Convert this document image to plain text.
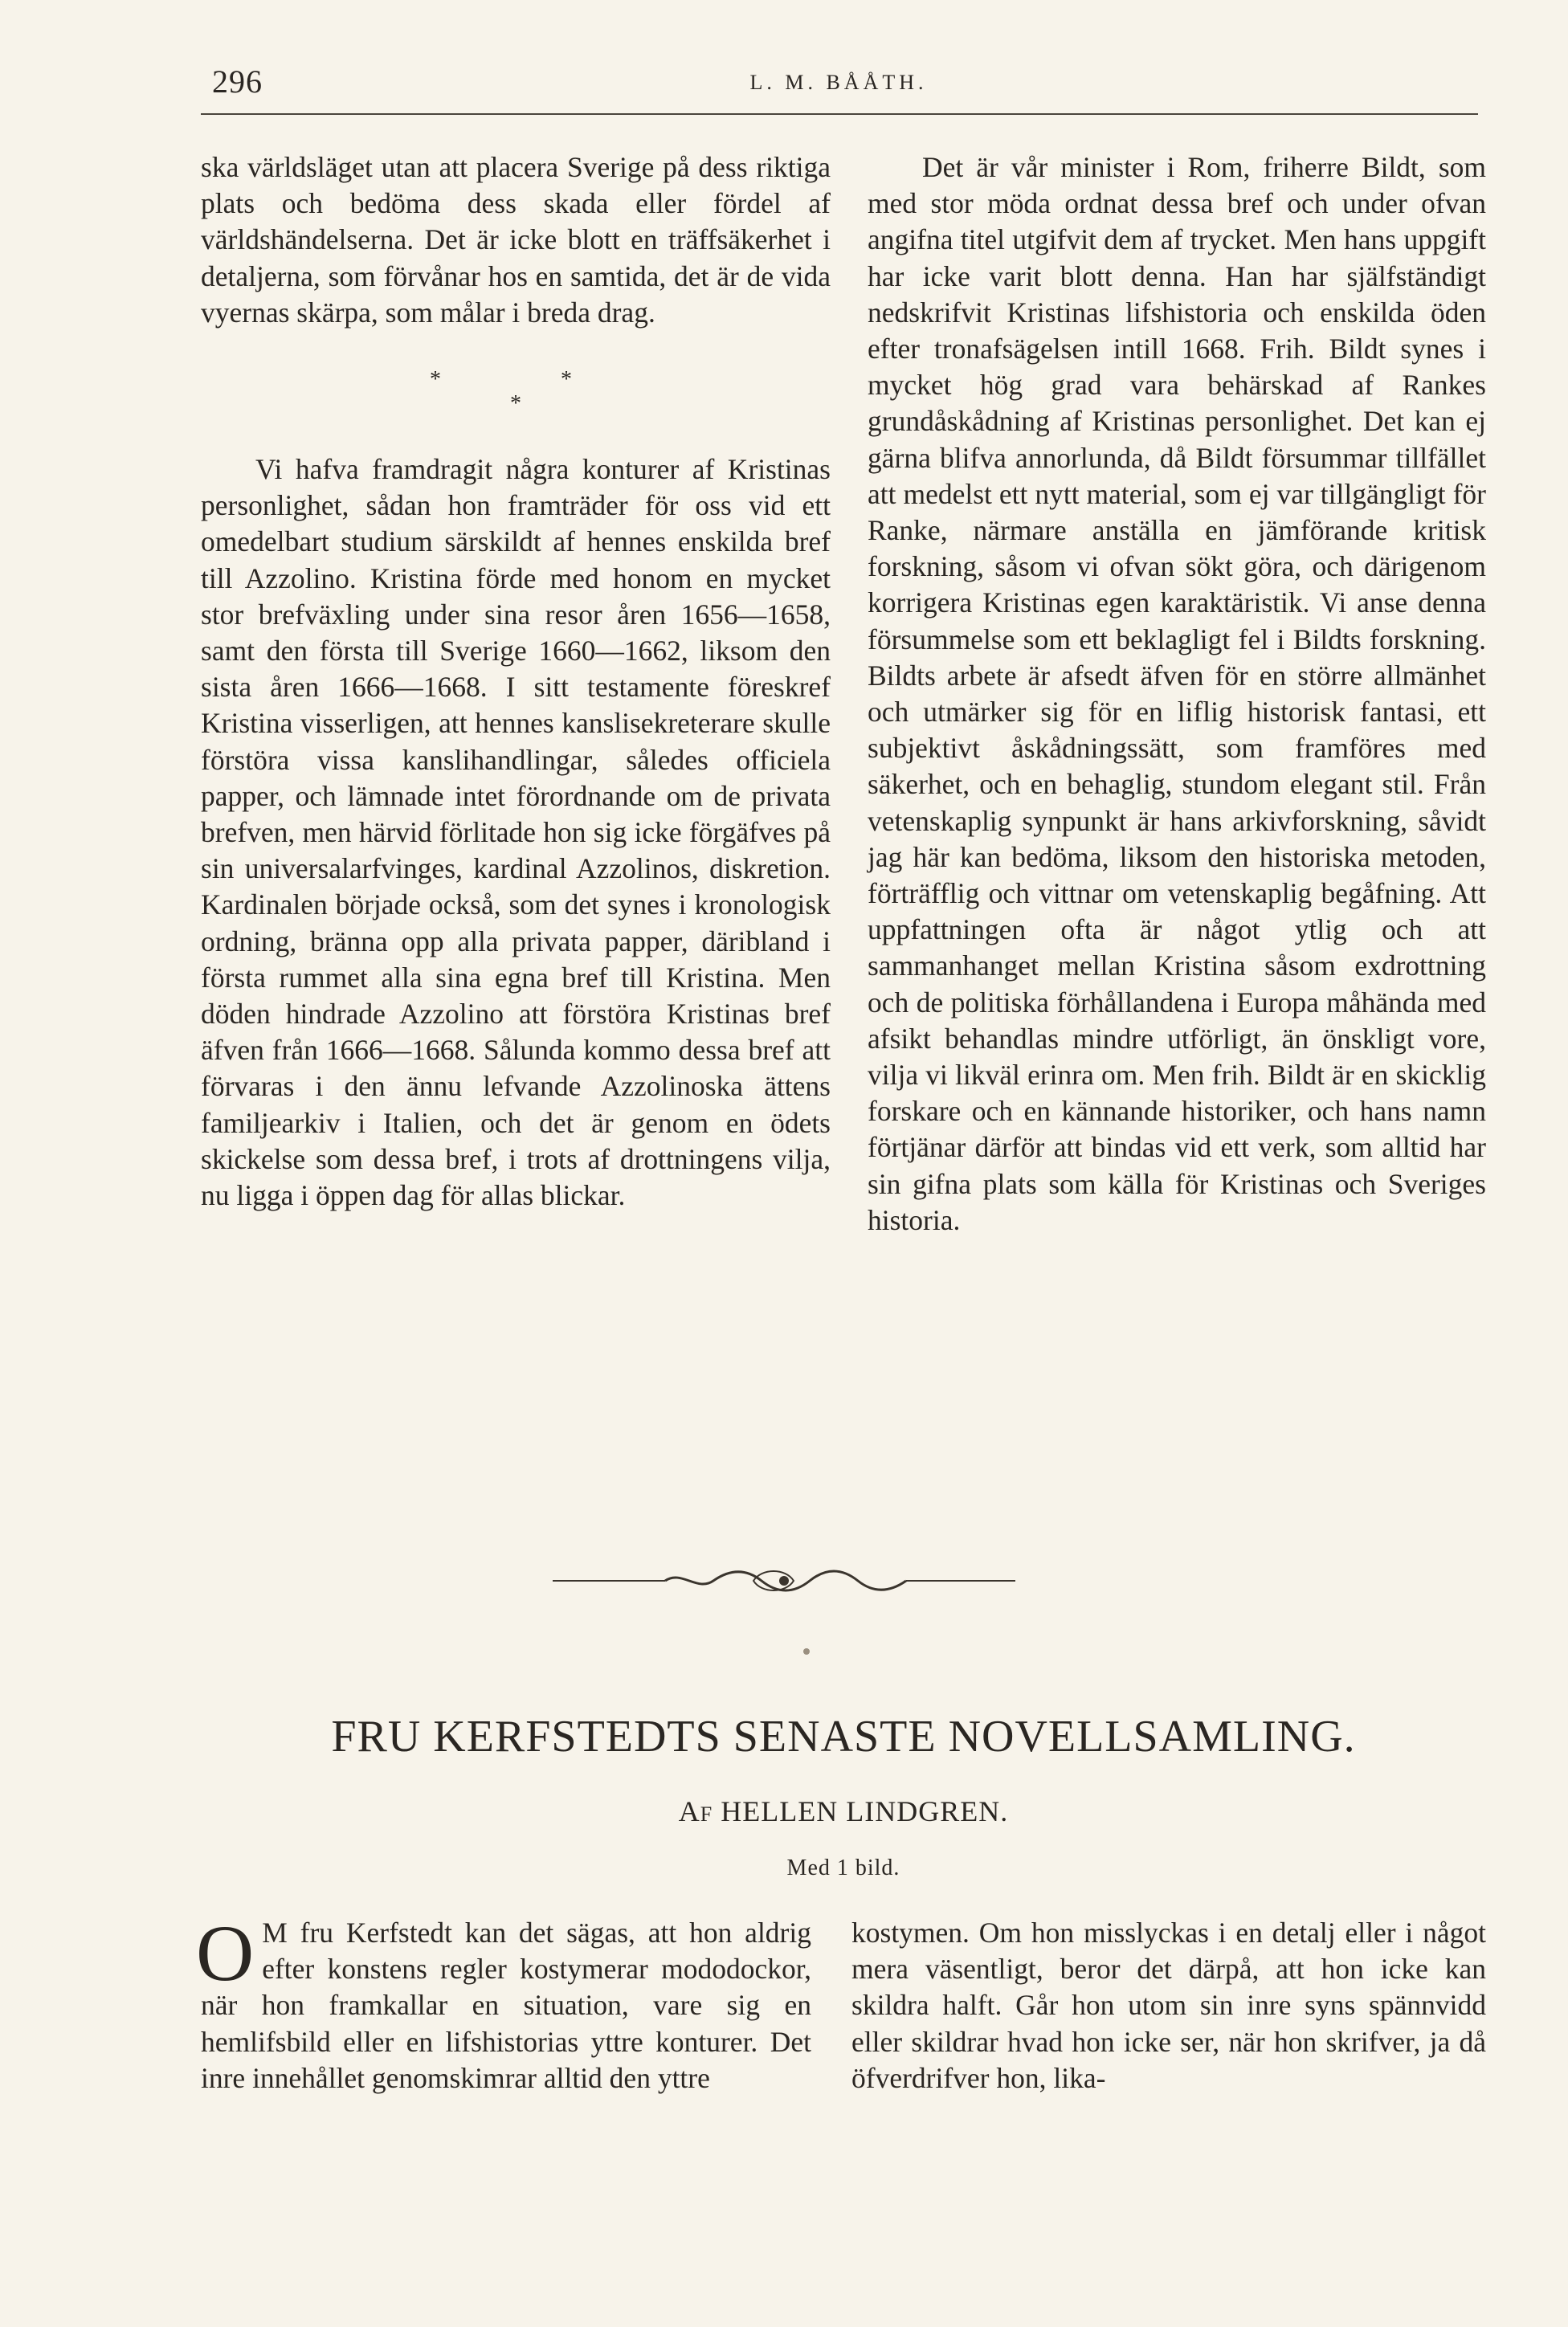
296	L. M. BÅÅTH.

ska världsläget utan att placera Sverige på dess riktiga plats och bedöma dess skada eller fördel af världshändelserna. Det är icke blott en träffsäkerhet i detaljerna, som förvånar hos en samtida, det är de vida vyernas skärpa, som målar i breda drag.

*	*
*

Vi hafva framdragit några konturer af Kristinas personlighet, sådan hon framträder för oss vid ett omedelbart studium särskildt af hennes enskilda bref till Azzolino. Kristina förde med honom en mycket stor brefväxling under sina resor åren 1656—1658, samt den första till Sverige 1660—1662, liksom den sista åren 1666—1668. I sitt testamente föreskref Kristina visserligen, att hennes kanslisekreterare skulle förstöra vissa kanslihandlingar, således officiela papper, och lämnade intet förordnande om de privata brefven, men härvid förlitade hon sig icke förgäfves på sin universalarfvinges, kardinal Azzolinos, diskretion. Kardinalen började också, som det synes i kronologisk ordning, bränna opp alla privata papper, däribland i första rummet alla sina egna bref till Kristina. Men döden hindrade Azzolino att förstöra Kristinas bref äfven från 1666—1668. Sålunda kommo dessa bref att förvaras i den ännu lefvande Azzolinoska ättens familjearkiv i Italien, och det är genom en ödets skickelse som dessa bref, i trots af drottningens vilja, nu ligga i öppen dag för allas blickar.

Det är vår minister i Rom, friherre Bildt, som med stor möda ordnat dessa bref och under ofvan angifna titel utgifvit dem af trycket. Men hans uppgift har icke varit blott denna. Han har själfständigt nedskrifvit Kristinas lifshistoria och enskilda öden efter tronafsägelsen intill 1668. Frih. Bildt synes i mycket hög grad vara behärskad af Rankes grundåskådning af Kristinas personlighet. Det kan ej gärna blifva annorlunda, då Bildt försummar tillfället att medelst ett nytt material, som ej var tillgängligt för Ranke, närmare anställa en jämförande kritisk forskning, såsom vi ofvan sökt göra, och därigenom korrigera Kristinas egen karaktäristik. Vi anse denna försummelse som ett beklagligt fel i Bildts forskning. Bildts arbete är afsedt äfven för en större allmänhet och utmärker sig för en liflig historisk fantasi, ett subjektivt åskådningssätt, som framföres med säkerhet, och en behaglig, stundom elegant stil. Från vetenskaplig synpunkt är hans arkivforskning, såvidt jag här kan bedöma, liksom den historiska metoden, förträfflig och vittnar om vetenskaplig begåfning. Att uppfattningen ofta är något ytlig och att sammanhanget mellan Kristina såsom exdrottning och de politiska förhållandena i Europa måhända med afsikt behandlas mindre utförligt, än önskligt vore, vilja vi likväl erinra om. Men frih. Bildt är en skicklig forskare och en kännande historiker, och hans namn förtjänar därför att bindas vid ett verk, som alltid har sin gifna plats som källa för Kristinas och Sveriges historia.

FRU KERFSTEDTS SENASTE NOVELLSAMLING.
AF HELLEN LINDGREN.
Med 1 bild.

O M fru Kerfstedt kan det sägas, att hon aldrig efter konstens regler kostymerar mododockor, när hon framkallar en situation, vare sig en hemlifsbild eller en lifshistorias yttre konturer. Det inre innehållet genomskimrar alltid den yttre

kostymen. Om hon misslyckas i en detalj eller i något mera väsentligt, beror det därpå, att hon icke kan skildra halft. Går hon utom sin inre syns spännvidd eller skildrar hvad hon icke ser, när hon skrifver, ja då öfverdrifver hon, lika-
